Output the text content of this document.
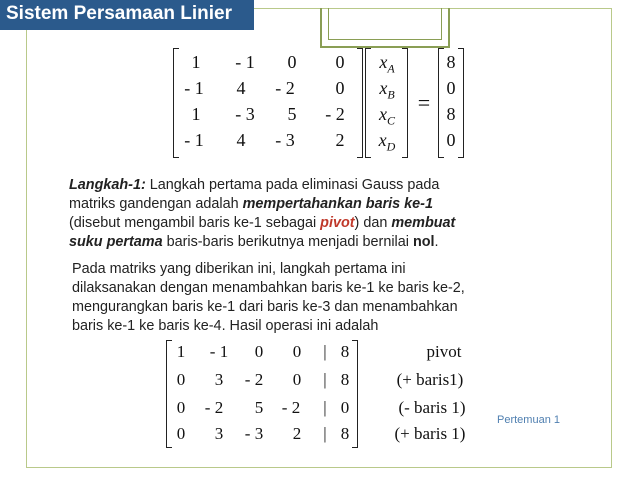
Sistem Persamaan Linier
1 - 1 0 0
- 1 4 - 2 0
1 - 3 5 - 2
- 1 4 - 3 2
$x_A$
$x_B$
$x_C$
$x_D$
=
8
0
8
0
Langkah-1: Langkah pertama pada eliminasi Gauss pada
matriks gandengan adalah mempertahankan baris ke-1
(disebut mengambil baris ke-1 sebagai pivot) dan membuat
suku pertama baris-baris berikutnya menjadi bernilai nol.
Pada matriks yang diberikan ini, langkah pertama ini
dilaksanakan dengan menambahkan baris ke-1 ke baris ke-2,
mengurangkan baris ke-1 dari baris ke-3 dan menambahkan
baris ke-1 ke baris ke-4. Hasil operasi ini adalah
1 - 1 0 0 | 8
0 3 - 2 0 | 8
0 - 2 5 - 2 | 0
0 3 - 3 2 | 8
pivot
(+ baris1)
(- baris 1)
(+ baris 1)
Pertemuan 1
